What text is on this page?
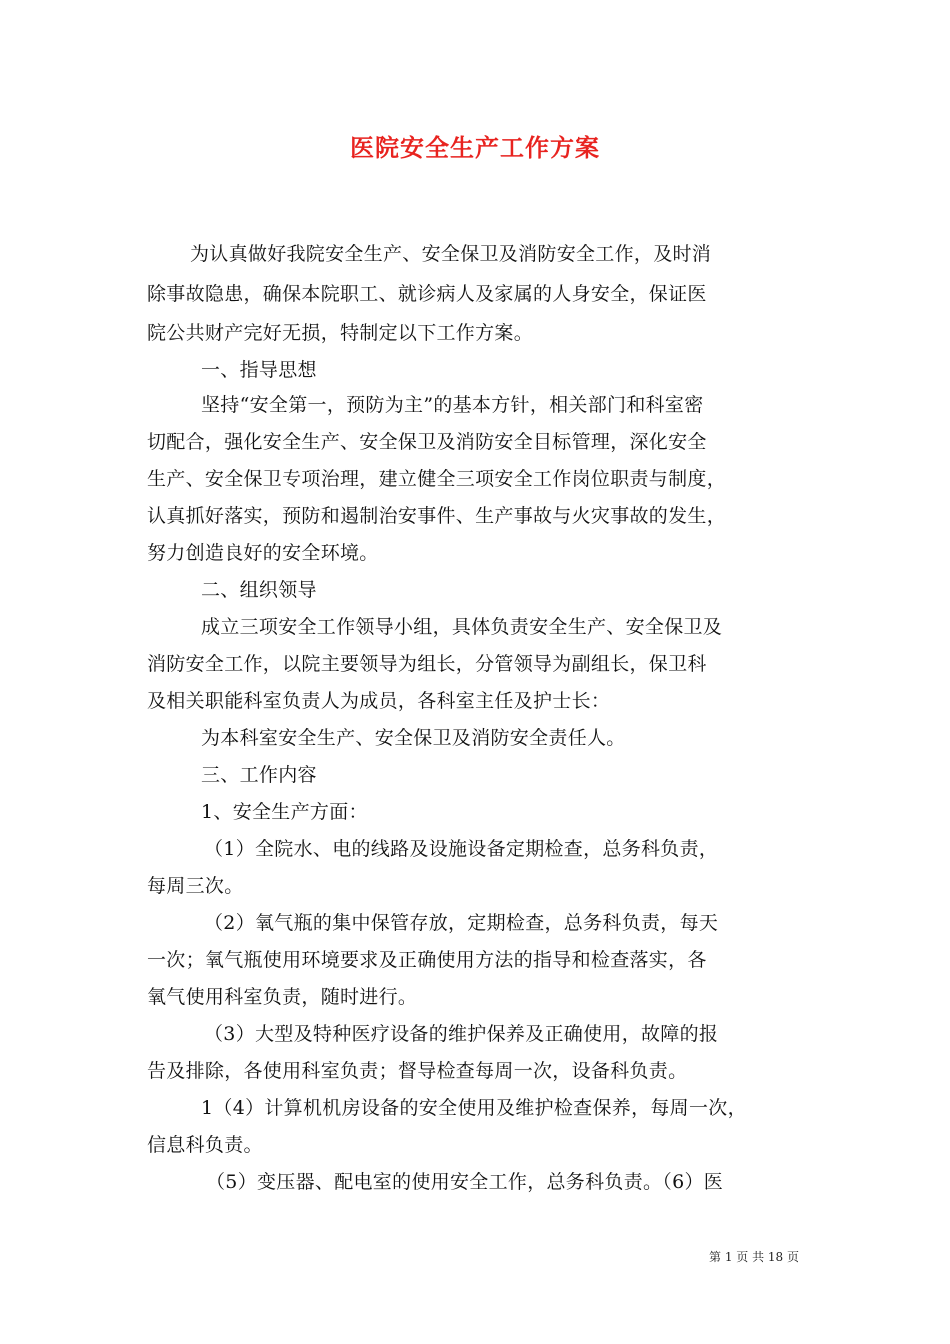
医院安全生产工作方案
为认真做好我院安全生产、安全保卫及消防安全工作，及时消
除事故隐患，确保本院职工、就诊病人及家属的人身安全，保证医
院公共财产完好无损，特制定以下工作方案。
一、指导思想
坚持“安全第一，预防为主”的基本方针，相关部门和科室密
切配合，强化安全生产、安全保卫及消防安全目标管理，深化安全
生产、安全保卫专项治理，建立健全三项安全工作岗位职责与制度，
认真抓好落实，预防和遏制治安事件、生产事故与火灾事故的发生，
努力创造良好的安全环境。
二、组织领导
成立三项安全工作领导小组，具体负责安全生产、安全保卫及
消防安全工作，以院主要领导为组长，分管领导为副组长，保卫科
及相关职能科室负责人为成员，各科室主任及护士长：
为本科室安全生产、安全保卫及消防安全责任人。
三、工作内容
1、安全生产方面：
（1）全院水、电的线路及设施设备定期检查，总务科负责，
每周三次。
（2）氧气瓶的集中保管存放，定期检查，总务科负责，每天
一次；氧气瓶使用环境要求及正确使用方法的指导和检查落实，各
氧气使用科室负责，随时进行。
（3）大型及特种医疗设备的维护保养及正确使用，故障的报
告及排除，各使用科室负责；督导检查每周一次，设备科负责。
1（4）计算机机房设备的安全使用及维护检查保养，每周一次，
信息科负责。
（5）变压器、配电室的使用安全工作，总务科负责。（6）医
第 1 页 共 18 页
